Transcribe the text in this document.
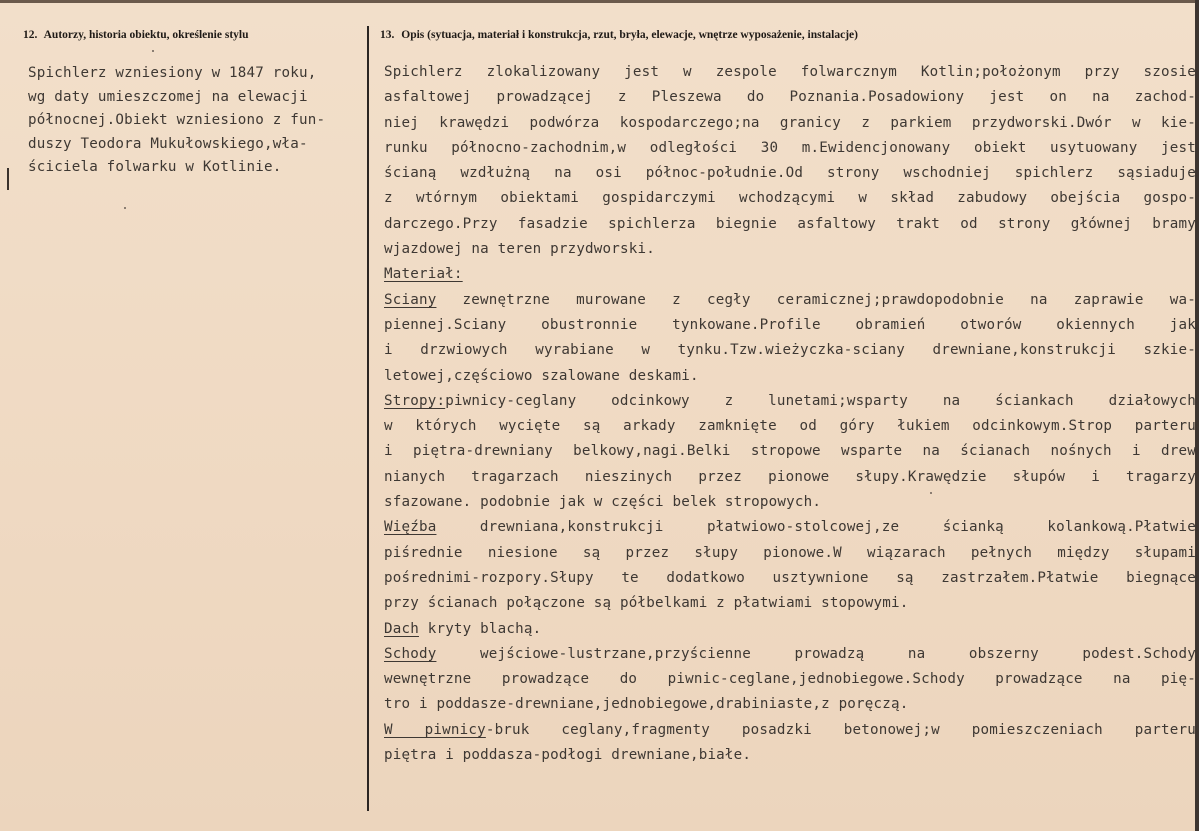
12. Autorzy, historia obiektu, określenie stylu	13. Opis (sytuacja, materiał i konstrukcja, rzut, bryła, elewacje, wnętrze wyposażenie, instalacje)
Spichlerz wzniesiony w 1847 roku,
wg daty umieszczomej na elewacji
północnej.Obiekt wzniesiono z fun-
duszy Teodora Mukułowskiego,wła-
ściciela folwarku w Kotlinie.
Spichlerz zlokalizowany jest w zespole folwarcznym Kotlin;położonym przy szosie
asfaltowej prowadzącej z Pleszewa do Poznania.Posadowiony jest on na zachod-
niej krawędzi podwórza kospodarczego;na granicy z parkiem przydworski.Dwór w kie-
runku północno-zachodnim,w odległości 30 m.Ewidencjonowany obiekt usytuowany jest
ścianą wzdłużną na osi północ-południe.Od strony wschodniej spichlerz sąsiaduje
z wtórnym obiektami gospidarczymi wchodzącymi w skład zabudowy obejścia gospo-
darczego.Przy fasadzie spichlerza biegnie asfaltowy trakt od strony głównej bramy
wjazdowej na teren przydworski.
Materiał:
Sciany zewnętrzne murowane z cegły ceramicznej;prawdopodobnie na zaprawie wa-
piennej.Sciany obustronnie tynkowane.Profile obramień otworów okiennych jak
i drzwiowych wyrabiane w tynku.Tzw.wieżyczka-sciany drewniane,konstrukcji szkie-
letowej,częściowo szalowane deskami.
Stropy:piwnicy-ceglany odcinkowy z lunetami;wsparty na ściankach działowych
w których wycięte są arkady zamknięte od góry łukiem odcinkowym.Strop parteru
i piętra-drewniany belkowy,nagi.Belki stropowe wsparte na ścianach nośnych i drew
nianych tragarzach nieszinych przez pionowe słupy.Krawędzie słupów i tragarzy
sfazowane. podobnie jak w części belek stropowych.
Więźba drewniana,konstrukcji płatwiowo-stolcowej,ze ścianką kolankową.Płatwie
piśrednie niesione są przez słupy pionowe.W wiązarach pełnych między słupami
pośrednimi-rozpory.Słupy te dodatkowo usztywnione są zastrzałem.Płatwie biegnące
przy ścianach połączone są półbelkami z płatwiami stopowymi.
Dach kryty blachą.
Schody wejściowe-lustrzane,przyścienne prowadzą na obszerny podest.Schody
wewnętrzne prowadzące do piwnic-ceglane,jednobiegowe.Schody prowadzące na pię-
tro i poddasze-drewniane,jednobiegowe,drabiniaste,z poręczą.
W piwnicy-bruk ceglany,fragmenty posadzki betonowej;w pomieszczeniach parteru
piętra i poddasza-podłogi drewniane,białe.
